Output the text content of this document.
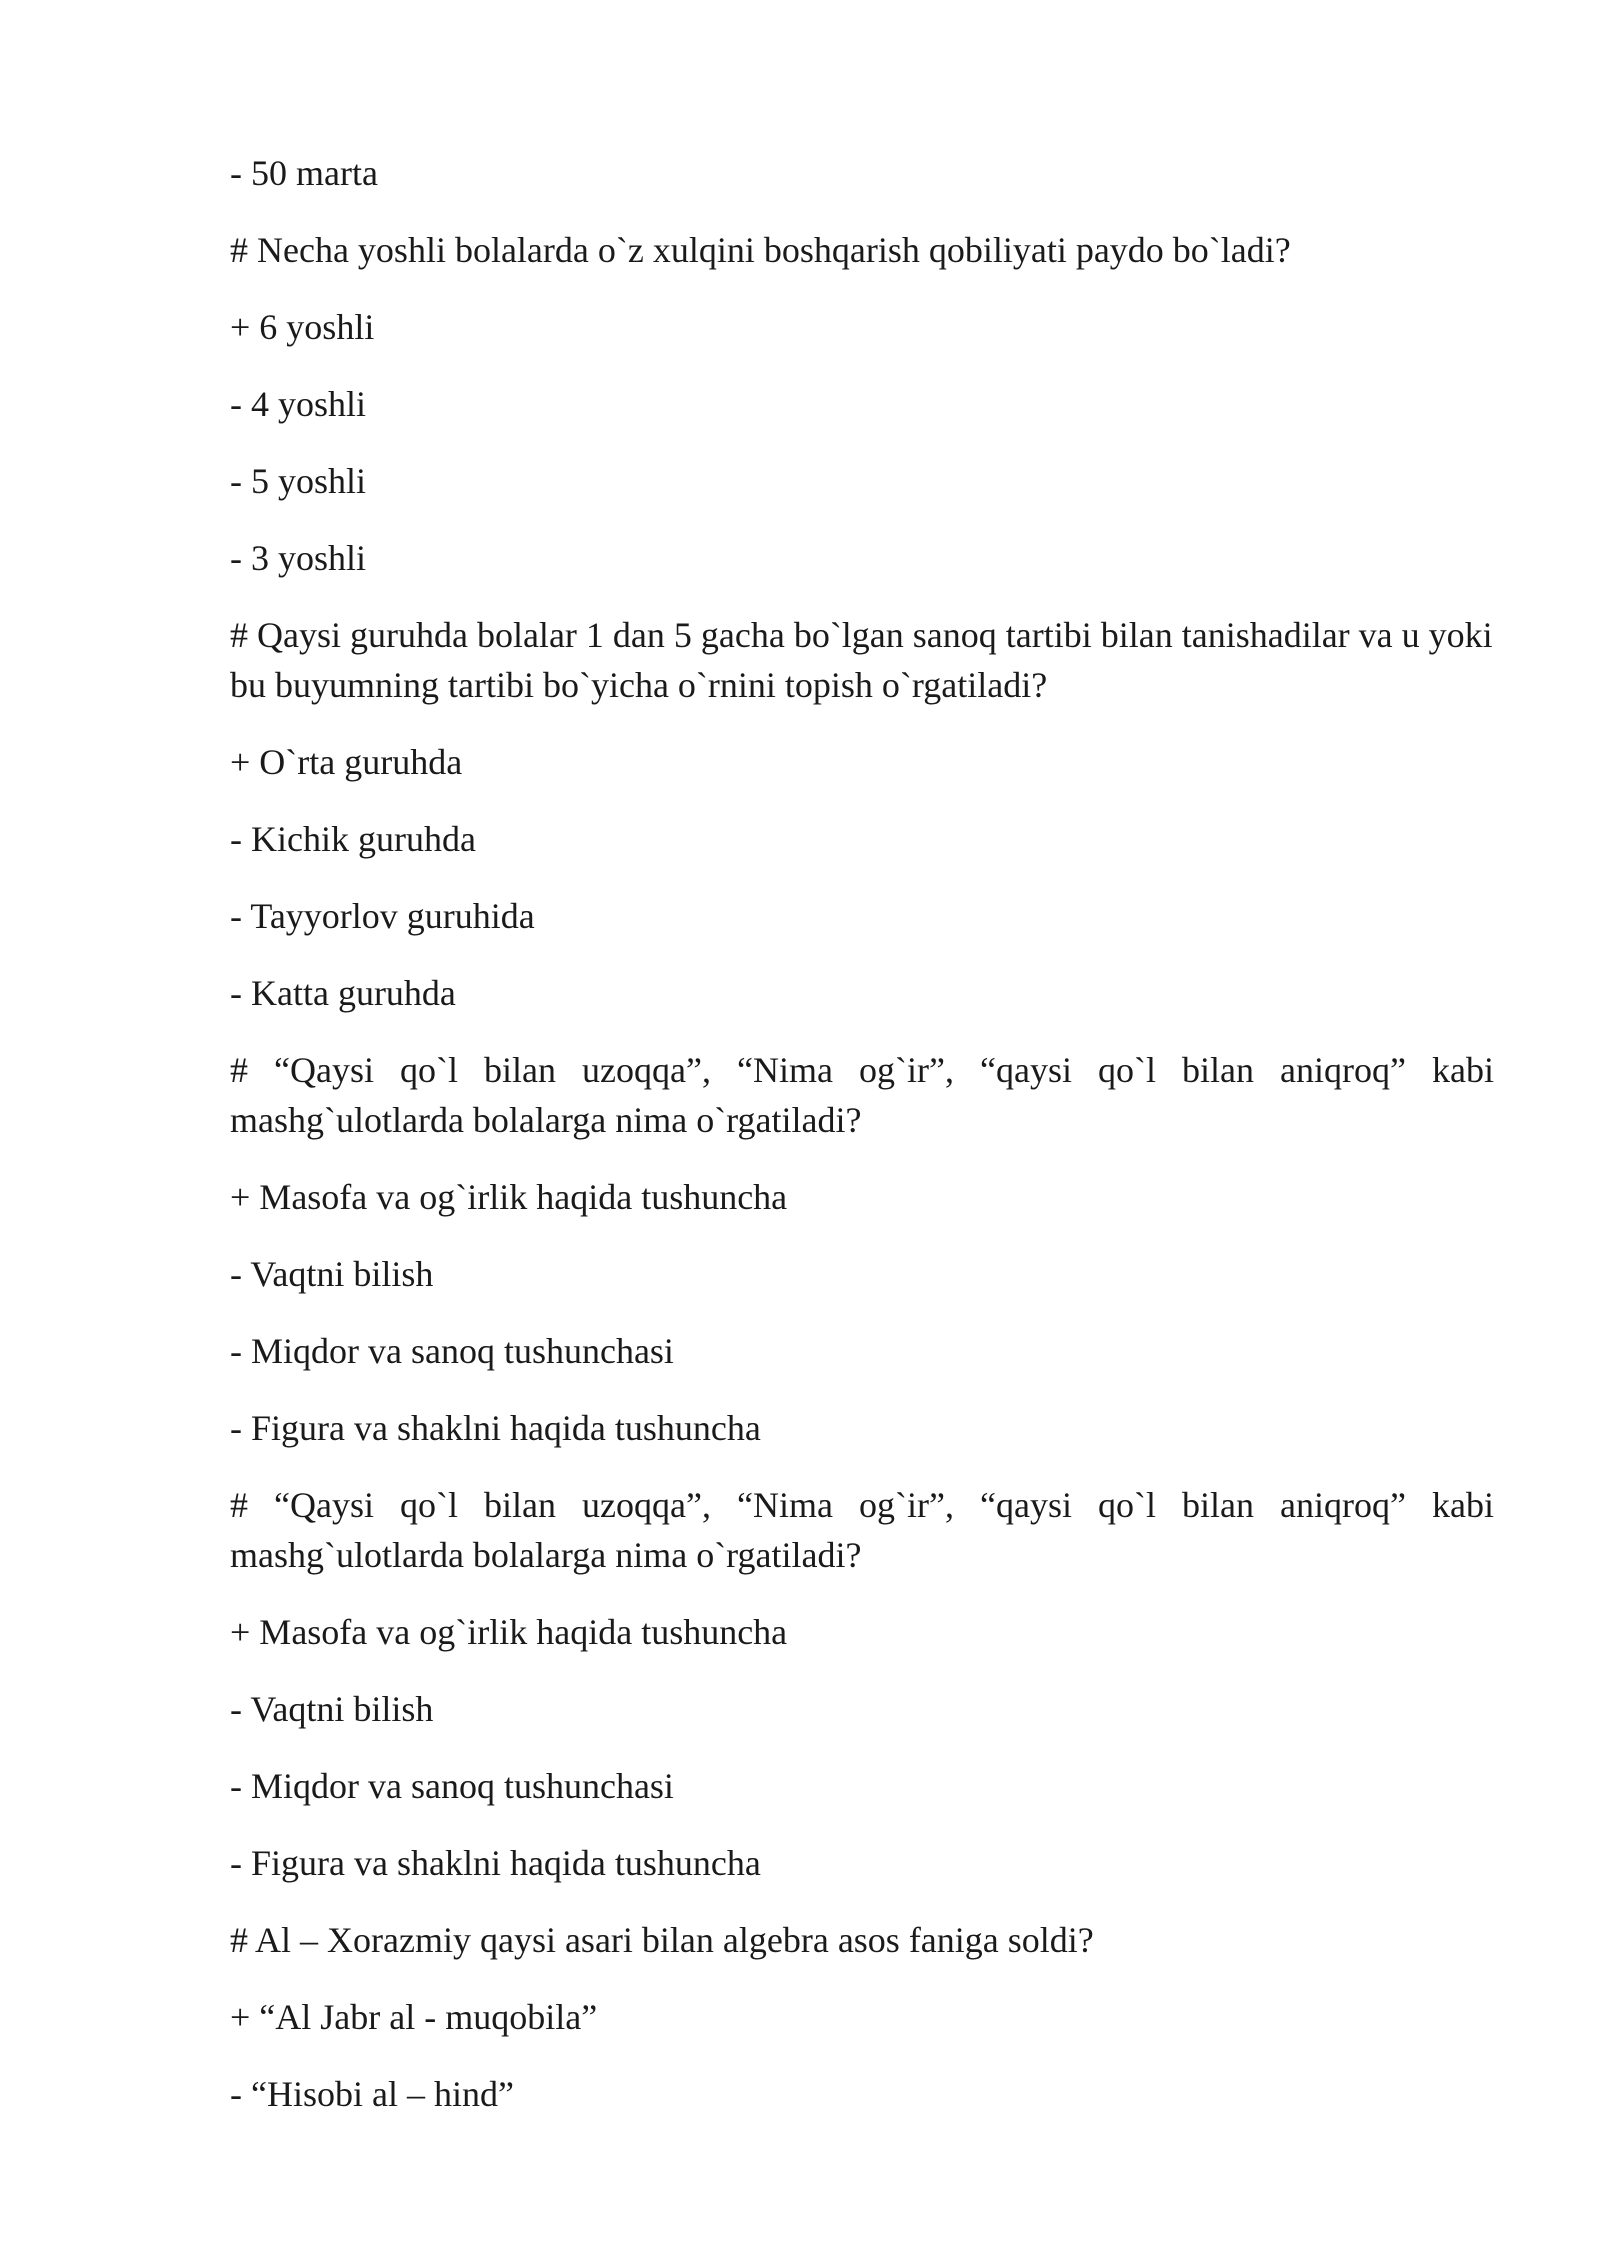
- 50 marta

# Necha yoshli bolalarda o`z xulqini boshqarish qobiliyati paydo bo`ladi?

+ 6 yoshli

- 4 yoshli

- 5 yoshli

- 3 yoshli

# Qaysi guruhda bolalar 1 dan 5 gacha bo`lgan sanoq tartibi bilan tanishadilar va u yoki bu buyumning tartibi bo`yicha o`rnini topish o`rgatiladi?

+ O`rta guruhda

- Kichik guruhda

- Tayyorlov guruhida

- Katta guruhda

# “Qaysi qo`l bilan uzoqqa”, “Nima og`ir”, “qaysi qo`l bilan aniqroq” kabi mashg`ulotlarda bolalarga nima o`rgatiladi?

+ Masofa va og`irlik haqida tushuncha

- Vaqtni bilish

- Miqdor va sanoq tushunchasi

- Figura va shaklni haqida tushuncha

# “Qaysi qo`l bilan uzoqqa”, “Nima og`ir”, “qaysi qo`l bilan aniqroq” kabi mashg`ulotlarda bolalarga nima o`rgatiladi?

+ Masofa va og`irlik haqida tushuncha

- Vaqtni bilish

- Miqdor va sanoq tushunchasi

- Figura va shaklni haqida tushuncha

# Al – Xorazmiy qaysi asari bilan algebra asos faniga soldi?

+ “Al Jabr al - muqobila”

- “Hisobi al – hind”
